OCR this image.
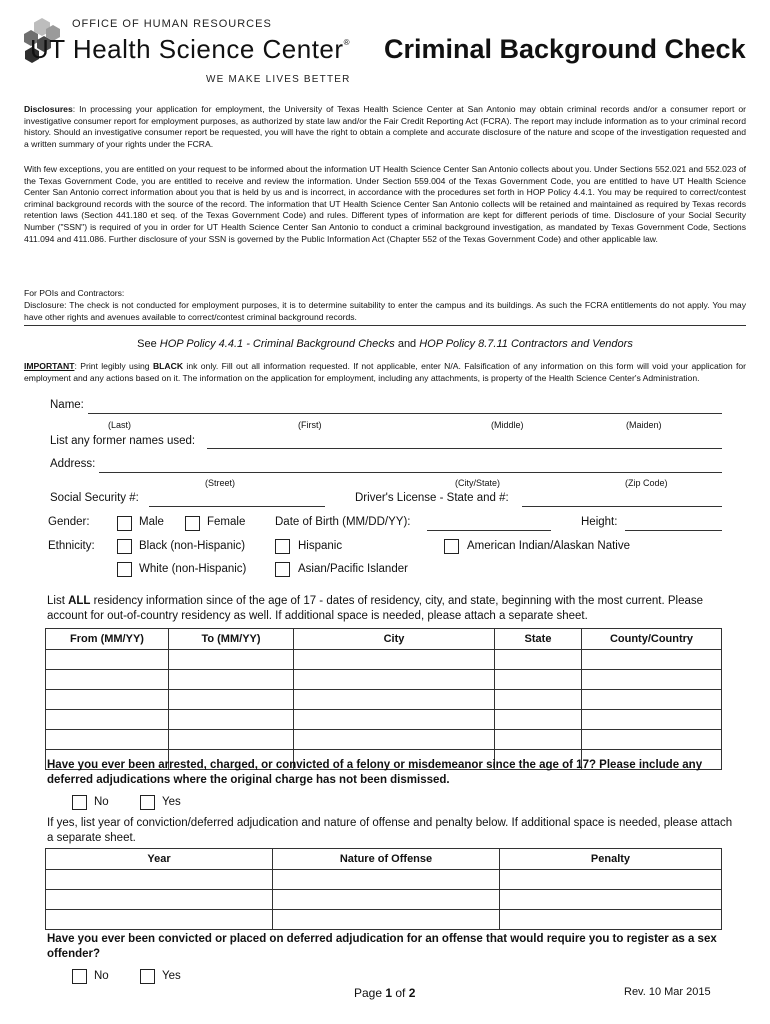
OFFICE OF HUMAN RESOURCES
UT Health Science Center®
WE MAKE LIVES BETTER
Criminal Background Check
Disclosures: In processing your application for employment, the University of Texas Health Science Center at San Antonio may obtain criminal records and/or a consumer report or investigative consumer report for employment purposes, as authorized by state law and/or the Fair Credit Reporting Act (FCRA). The report may include information as to your criminal record history. Should an investigative consumer report be requested, you will have the right to obtain a complete and accurate disclosure of the nature and scope of the investigation requested and a written summary of your rights under the FCRA.
With few exceptions, you are entitled on your request to be informed about the information UT Health Science Center San Antonio collects about you. Under Sections 552.021 and 552.023 of the Texas Government Code, you are entitled to receive and review the information. Under Section 559.004 of the Texas Government Code, you are entitled to have UT Health Science Center San Antonio correct information about you that is held by us and is incorrect, in accordance with the procedures set forth in HOP Policy 4.4.1. You may be required to correct/contest criminal background records with the source of the record. The information that UT Health Science Center San Antonio collects will be retained and maintained as required by Texas records retention laws (Section 441.180 et seq. of the Texas Government Code) and rules. Different types of information are kept for different periods of time. Disclosure of your Social Security Number ("SSN") is required of you in order for UT Health Science Center San Antonio to conduct a criminal background investigation, as mandated by Texas Government Code, Sections 411.094 and 411.086. Further disclosure of your SSN is governed by the Public Information Act (Chapter 552 of the Texas Government Code) and other applicable law.
For POIs and Contractors:
Disclosure: The check is not conducted for employment purposes, it is to determine suitability to enter the campus and its buildings. As such the FCRA entitlements do not apply. You may have other rights and avenues available to correct/contest criminal background records.
See HOP Policy 4.4.1 - Criminal Background Checks and HOP Policy 8.7.11 Contractors and Vendors
IMPORTANT: Print legibly using BLACK ink only. Fill out all information requested. If not applicable, enter N/A. Falsification of any information on this form will void your application for employment and any actions based on it. The information on the application for employment, including any attachments, is property of the Health Science Center's Administration.
Name:
(Last)	(First)	(Middle)	(Maiden)
List any former names used:
Address:
(Street)	(City/State)	(Zip Code)
Social Security #:	Driver's License - State and #:
Gender:	Male	Female	Date of Birth (MM/DD/YY):	Height:
Ethnicity:	Black (non-Hispanic)	Hispanic	American Indian/Alaskan Native
White (non-Hispanic)	Asian/Pacific Islander
List ALL residency information since of the age of 17 - dates of residency, city, and state, beginning with the most current. Please account for out-of-country residency as well. If additional space is needed, please attach a separate sheet.
From (MM/YY)	To (MM/YY)	City	State	County/Country

Have you ever been arrested, charged, or convicted of a felony or misdemeanor since the age of 17? Please include any deferred adjudications where the original charge has not been dismissed.
No	Yes
If yes, list year of conviction/deferred adjudication and nature of offense and penalty below. If additional space is needed, please attach a separate sheet.
Year	Nature of Offense	Penalty

Have you ever been convicted or placed on deferred adjudication for an offense that would require you to register as a sex offender?
No	Yes
Page 1 of 2	Rev. 10 Mar 2015
